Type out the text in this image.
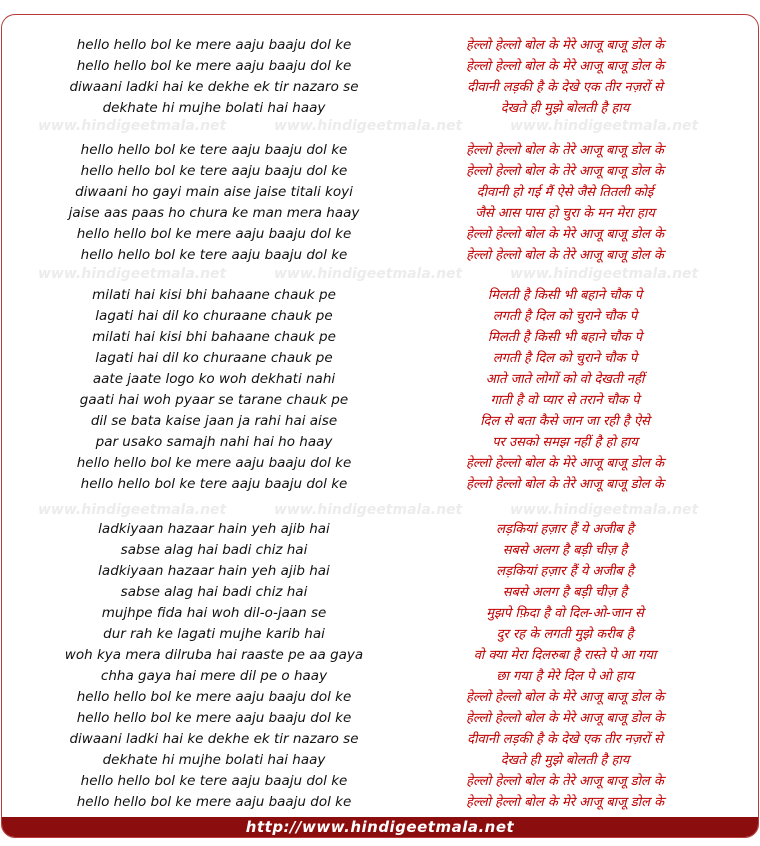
www.hindigeetmala.net	www.hindigeetmala.net	www.hindigeetmala.net
www.hindigeetmala.net	www.hindigeetmala.net	www.hindigeetmala.net
www.hindigeetmala.net	www.hindigeetmala.net	www.hindigeetmala.net
hello hello bol ke mere aaju baaju dol ke
hello hello bol ke mere aaju baaju dol ke
diwaani ladki hai ke dekhe ek tir nazaro se
dekhate hi mujhe bolati hai haay
hello hello bol ke tere aaju baaju dol ke
hello hello bol ke tere aaju baaju dol ke
diwaani ho gayi main aise jaise titali koyi
jaise aas paas ho chura ke man mera haay
hello hello bol ke mere aaju baaju dol ke
hello hello bol ke tere aaju baaju dol ke
milati hai kisi bhi bahaane chauk pe
lagati hai dil ko churaane chauk pe
milati hai kisi bhi bahaane chauk pe
lagati hai dil ko churaane chauk pe
aate jaate logo ko woh dekhati nahi
gaati hai woh pyaar se tarane chauk pe
dil se bata kaise jaan ja rahi hai aise
par usako samajh nahi hai ho haay
hello hello bol ke mere aaju baaju dol ke
hello hello bol ke tere aaju baaju dol ke
ladkiyaan hazaar hain yeh ajib hai
sabse alag hai badi chiz hai
ladkiyaan hazaar hain yeh ajib hai
sabse alag hai badi chiz hai
mujhpe fida hai woh dil-o-jaan se
dur rah ke lagati mujhe karib hai
woh kya mera dilruba hai raaste pe aa gaya
chha gaya hai mere dil pe o haay
hello hello bol ke mere aaju baaju dol ke
hello hello bol ke mere aaju baaju dol ke
diwaani ladki hai ke dekhe ek tir nazaro se
dekhate hi mujhe bolati hai haay
hello hello bol ke tere aaju baaju dol ke
hello hello bol ke mere aaju baaju dol ke
हेल्लो हेल्लो बोल के मेरे आजू बाजू डोल के
हेल्लो हेल्लो बोल के मेरे आजू बाजू डोल के
दीवानी लड़की है के देखे एक तीर नज़रों से
देखते ही मुझे बोलती है हाय
हेल्लो हेल्लो बोल के तेरे आजू बाजू डोल के
हेल्लो हेल्लो बोल के तेरे आजू बाजू डोल के
दीवानी हो गई मैं ऐसे जैसे तितली कोई
जैसे आस पास हो चुरा के मन मेरा हाय
हेल्लो हेल्लो बोल के मेरे आजू बाजू डोल के
हेल्लो हेल्लो बोल के तेरे आजू बाजू डोल के
मिलती है किसी भी बहाने चौक पे
लगती है दिल को चुराने चौक पे
मिलती है किसी भी बहाने चौक पे
लगती है दिल को चुराने चौक पे
आते जाते लोगों को वो देखती नहीं
गाती है वो प्यार से तराने चौक पे
दिल से बता कैसे जान जा रही है ऐसे
पर उसको समझ नहीं है हो हाय
हेल्लो हेल्लो बोल के मेरे आजू बाजू डोल के
हेल्लो हेल्लो बोल के तेरे आजू बाजू डोल के
लड़कियां हज़ार हैं ये अजीब है
सबसे अलग है बड़ी चीज़ है
लड़कियां हज़ार हैं ये अजीब है
सबसे अलग है बड़ी चीज़ है
मुझपे फ़िदा है वो दिल-ओ-जान से
दुर रह के लगती मुझे करीब है
वो क्या मेरा दिलरुबा है रास्ते पे आ गया
छा गया है मेरे दिल पे ओ हाय
हेल्लो हेल्लो बोल के मेरे आजू बाजू डोल के
हेल्लो हेल्लो बोल के मेरे आजू बाजू डोल के
दीवानी लड़की है के देखे एक तीर नज़रों से
देखते ही मुझे बोलती है हाय
हेल्लो हेल्लो बोल के तेरे आजू बाजू डोल के
हेल्लो हेल्लो बोल के मेरे आजू बाजू डोल के
http://www.hindigeetmala.net
